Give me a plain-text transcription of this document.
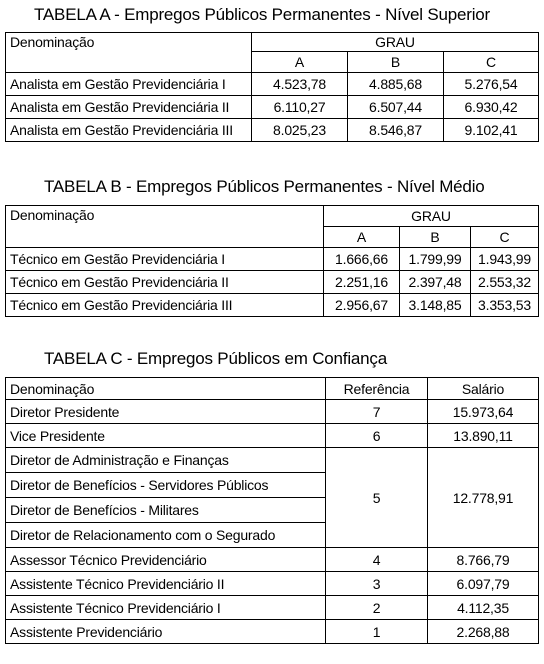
TABELA A - Empregos Públicos Permanentes - Nível Superior
Denominação	GRAU		
	A	B	C
Analista em Gestão Previdenciária I	4.523,78	4.885,68	5.276,54
Analista em Gestão Previdenciária II	6.110,27	6.507,44	6.930,42
Analista em Gestão Previdenciária III	8.025,23	8.546,87	9.102,41
TABELA B - Empregos Públicos Permanentes - Nível Médio
Denominação	GRAU		
	A	B	C
Técnico em Gestão Previdenciária I	1.666,66	1.799,99	1.943,99
Técnico em Gestão Previdenciária II	2.251,16	2.397,48	2.553,32
Técnico em Gestão Previdenciária III	2.956,67	3.148,85	3.353,53
TABELA C - Empregos Públicos em Confiança
Denominação	Referência	Salário
Diretor Presidente	7	15.973,64
Vice Presidente	6	13.890,11
Diretor de Administração e Finanças	5	12.778,91
Diretor de Benefícios - Servidores Públicos		
Diretor de Benefícios - Militares		
Diretor de Relacionamento com o Segurado		
Assessor Técnico Previdenciário	4	8.766,79
Assistente Técnico Previdenciário II	3	6.097,79
Assistente Técnico Previdenciário I	2	4.112,35
Assistente Previdenciário	1	2.268,88
